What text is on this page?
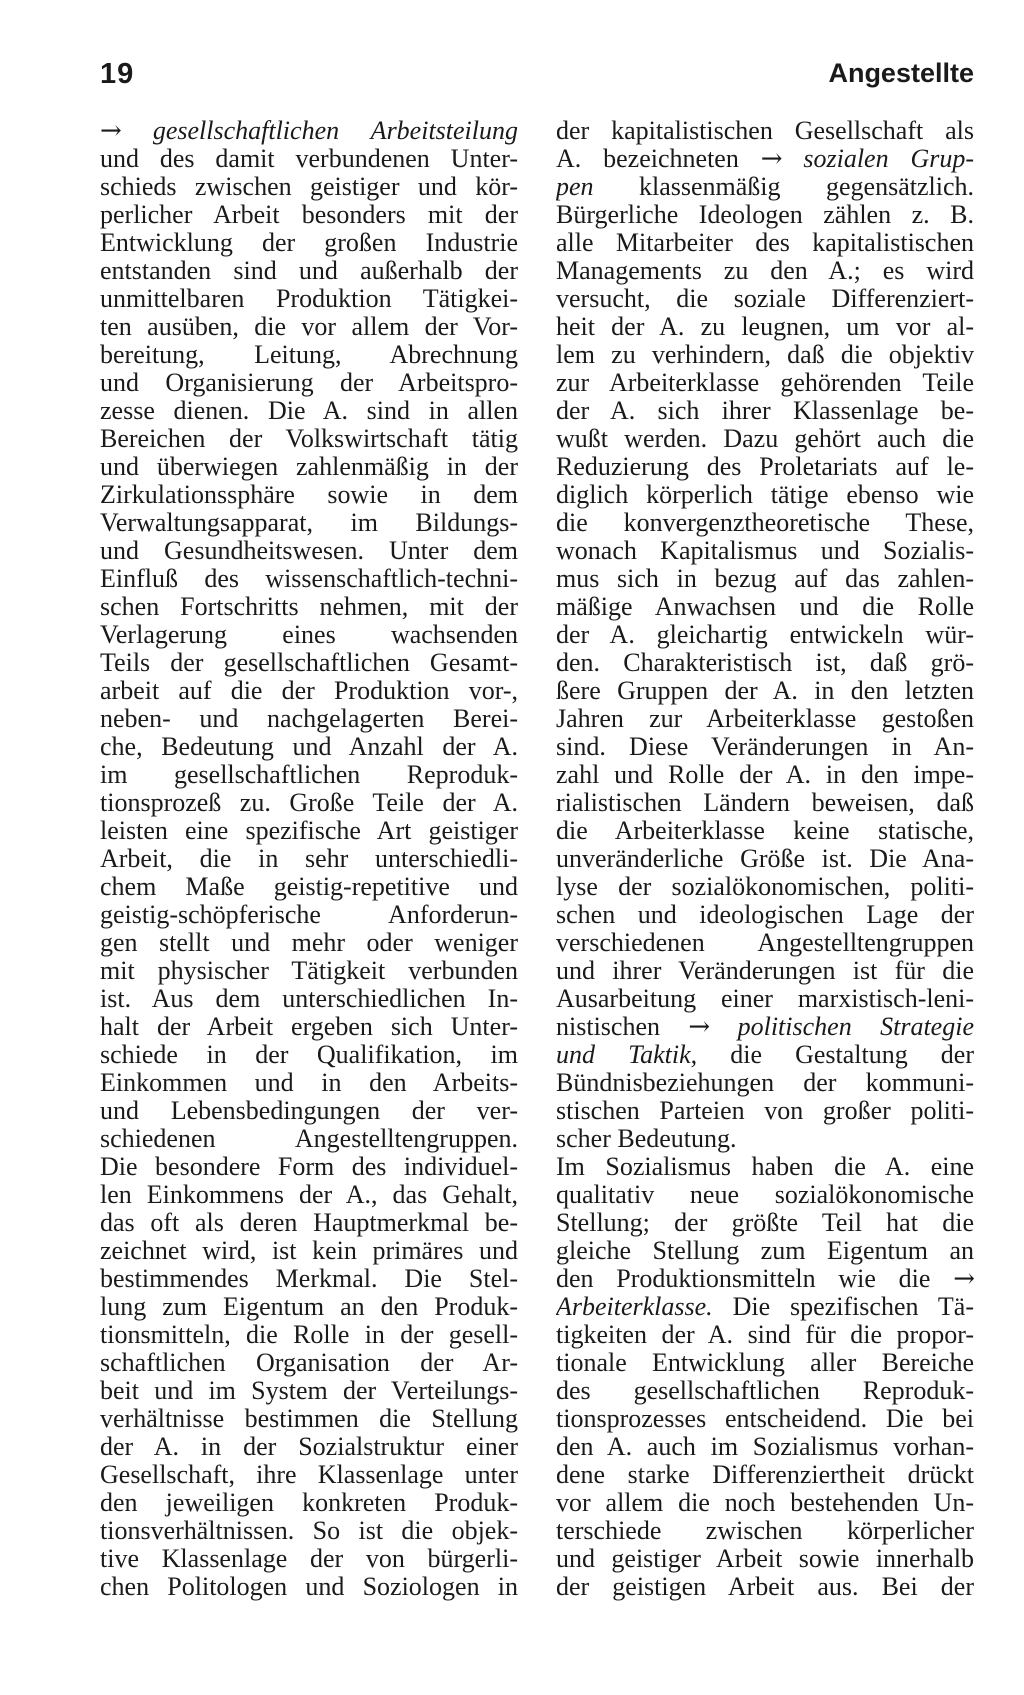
19	Angestellte
→ gesellschaftlichen Arbeitsteilung
und des damit verbundenen Unter-
schieds zwischen geistiger und kör-
perlicher Arbeit besonders mit der
Entwicklung der großen Industrie
entstanden sind und außerhalb der
unmittelbaren Produktion Tätigkei-
ten ausüben, die vor allem der Vor-
bereitung, Leitung, Abrechnung
und Organisierung der Arbeitspro-
zesse dienen. Die A. sind in allen
Bereichen der Volkswirtschaft tätig
und überwiegen zahlenmäßig in der
Zirkulationssphäre sowie in dem
Verwaltungsapparat, im Bildungs-
und Gesundheitswesen. Unter dem
Einfluß des wissenschaftlich-techni-
schen Fortschritts nehmen, mit der
Verlagerung eines wachsenden
Teils der gesellschaftlichen Gesamt-
arbeit auf die der Produktion vor-,
neben- und nachgelagerten Berei-
che, Bedeutung und Anzahl der A.
im gesellschaftlichen Reproduk-
tionsprozeß zu. Große Teile der A.
leisten eine spezifische Art geistiger
Arbeit, die in sehr unterschiedli-
chem Maße geistig-repetitive und
geistig-schöpferische Anforderun-
gen stellt und mehr oder weniger
mit physischer Tätigkeit verbunden
ist. Aus dem unterschiedlichen In-
halt der Arbeit ergeben sich Unter-
schiede in der Qualifikation, im
Einkommen und in den Arbeits-
und Lebensbedingungen der ver-
schiedenen Angestelltengruppen.
Die besondere Form des individuel-
len Einkommens der A., das Gehalt,
das oft als deren Hauptmerkmal be-
zeichnet wird, ist kein primäres und
bestimmendes Merkmal. Die Stel-
lung zum Eigentum an den Produk-
tionsmitteln, die Rolle in der gesell-
schaftlichen Organisation der Ar-
beit und im System der Verteilungs-
verhältnisse bestimmen die Stellung
der A. in der Sozialstruktur einer
Gesellschaft, ihre Klassenlage unter
den jeweiligen konkreten Produk-
tionsverhältnissen. So ist die objek-
tive Klassenlage der von bürgerli-
chen Politologen und Soziologen in
der kapitalistischen Gesellschaft als
A. bezeichneten → sozialen Grup-
pen klassenmäßig gegensätzlich.
Bürgerliche Ideologen zählen z. B.
alle Mitarbeiter des kapitalistischen
Managements zu den A.; es wird
versucht, die soziale Differenziert-
heit der A. zu leugnen, um vor al-
lem zu verhindern, daß die objektiv
zur Arbeiterklasse gehörenden Teile
der A. sich ihrer Klassenlage be-
wußt werden. Dazu gehört auch die
Reduzierung des Proletariats auf le-
diglich körperlich tätige ebenso wie
die konvergenztheoretische These,
wonach Kapitalismus und Sozialis-
mus sich in bezug auf das zahlen-
mäßige Anwachsen und die Rolle
der A. gleichartig entwickeln wür-
den. Charakteristisch ist, daß grö-
ßere Gruppen der A. in den letzten
Jahren zur Arbeiterklasse gestoßen
sind. Diese Veränderungen in An-
zahl und Rolle der A. in den impe-
rialistischen Ländern beweisen, daß
die Arbeiterklasse keine statische,
unveränderliche Größe ist. Die Ana-
lyse der sozialökonomischen, politi-
schen und ideologischen Lage der
verschiedenen Angestelltengruppen
und ihrer Veränderungen ist für die
Ausarbeitung einer marxistisch-leni-
nistischen → politischen Strategie
und Taktik, die Gestaltung der
Bündnisbeziehungen der kommuni-
stischen Parteien von großer politi-
scher Bedeutung.
Im Sozialismus haben die A. eine
qualitativ neue sozialökonomische
Stellung; der größte Teil hat die
gleiche Stellung zum Eigentum an
den Produktionsmitteln wie die →
Arbeiterklasse. Die spezifischen Tä-
tigkeiten der A. sind für die propor-
tionale Entwicklung aller Bereiche
des gesellschaftlichen Reproduk-
tionsprozesses entscheidend. Die bei
den A. auch im Sozialismus vorhan-
dene starke Differenziertheit drückt
vor allem die noch bestehenden Un-
terschiede zwischen körperlicher
und geistiger Arbeit sowie innerhalb
der geistigen Arbeit aus. Bei der
